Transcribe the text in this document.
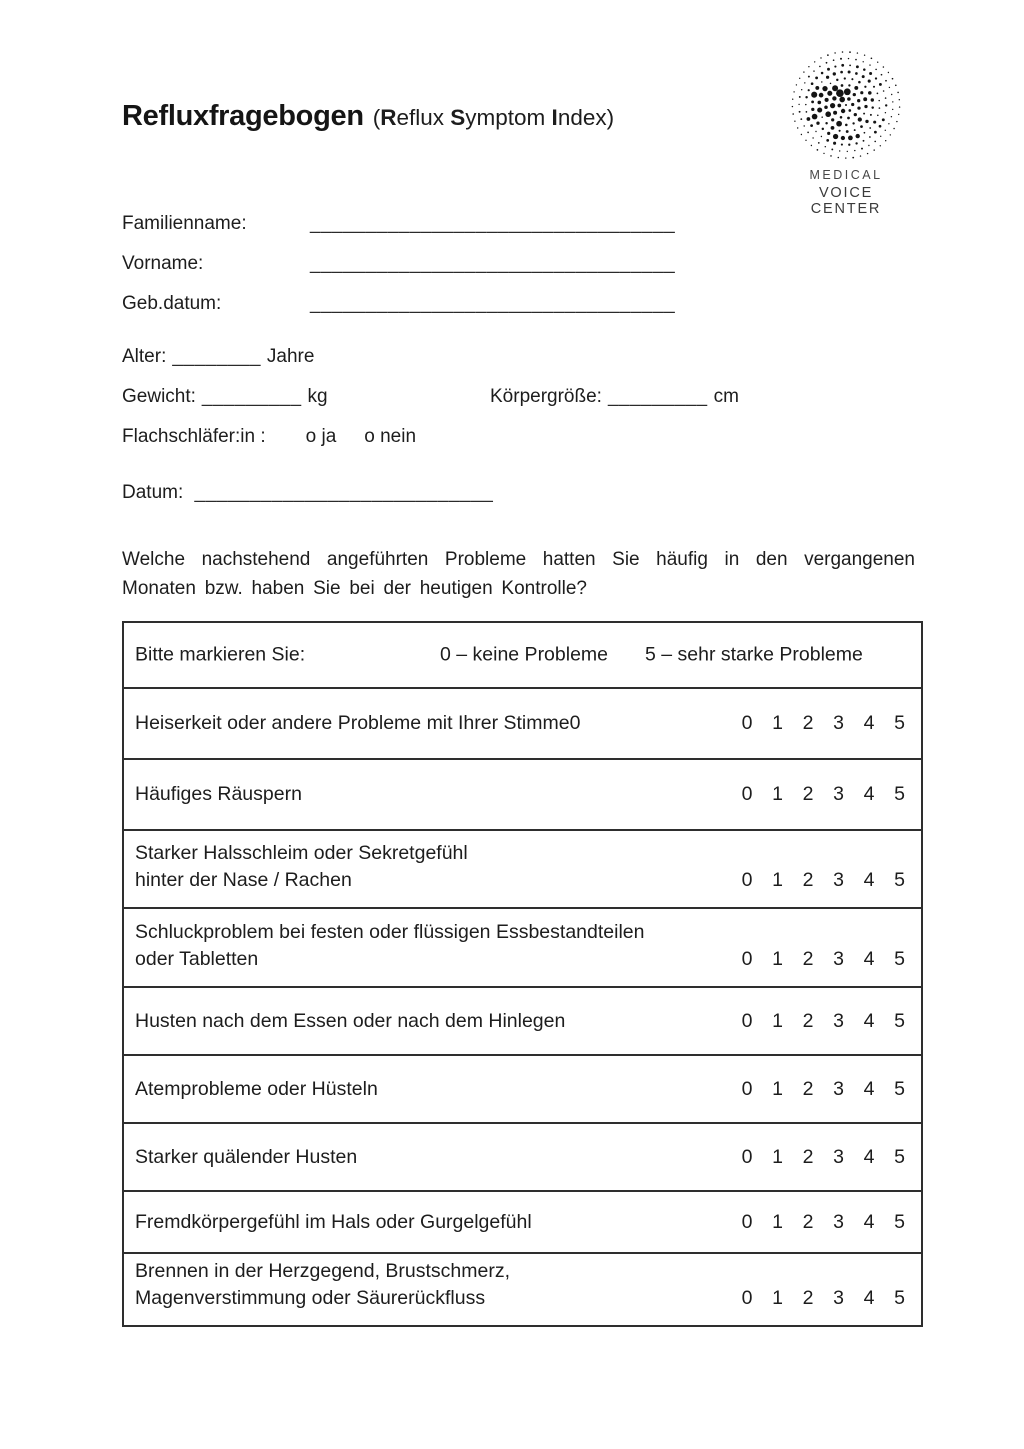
Refluxfragebogen (Reflux Symptom Index)
MEDICAL
VOICE CENTER
Familienname:	_________________________________
Vorname:	_________________________________
Geb.datum:	_________________________________
Alter: ________ Jahre
Gewicht: _________ kg	Körpergröße: _________ cm
Flachschläfer:in : o ja o nein
Datum: ___________________________
Welche nachstehend angeführten Probleme hatten Sie häufig in den vergangenen Monaten bzw. haben Sie bei der heutigen Kontrolle?
Bitte markieren Sie:	0 – keine Probleme 5 – sehr starke Probleme
Heiserkeit oder andere Probleme mit Ihrer Stimme0	0 1 2 3 4 5
Häufiges Räuspern	0 1 2 3 4 5
Starker Halsschleim oder Sekretgefühl
hinter der Nase / Rachen	0 1 2 3 4 5
Schluckproblem bei festen oder flüssigen Essbestandteilen
oder Tabletten	0 1 2 3 4 5
Husten nach dem Essen oder nach dem Hinlegen	0 1 2 3 4 5
Atemprobleme oder Hüsteln	0 1 2 3 4 5
Starker quälender Husten	0 1 2 3 4 5
Fremdkörpergefühl im Hals oder Gurgelgefühl	0 1 2 3 4 5
Brennen in der Herzgegend, Brustschmerz,
Magenverstimmung oder Säurerückfluss	0 1 2 3 4 5
